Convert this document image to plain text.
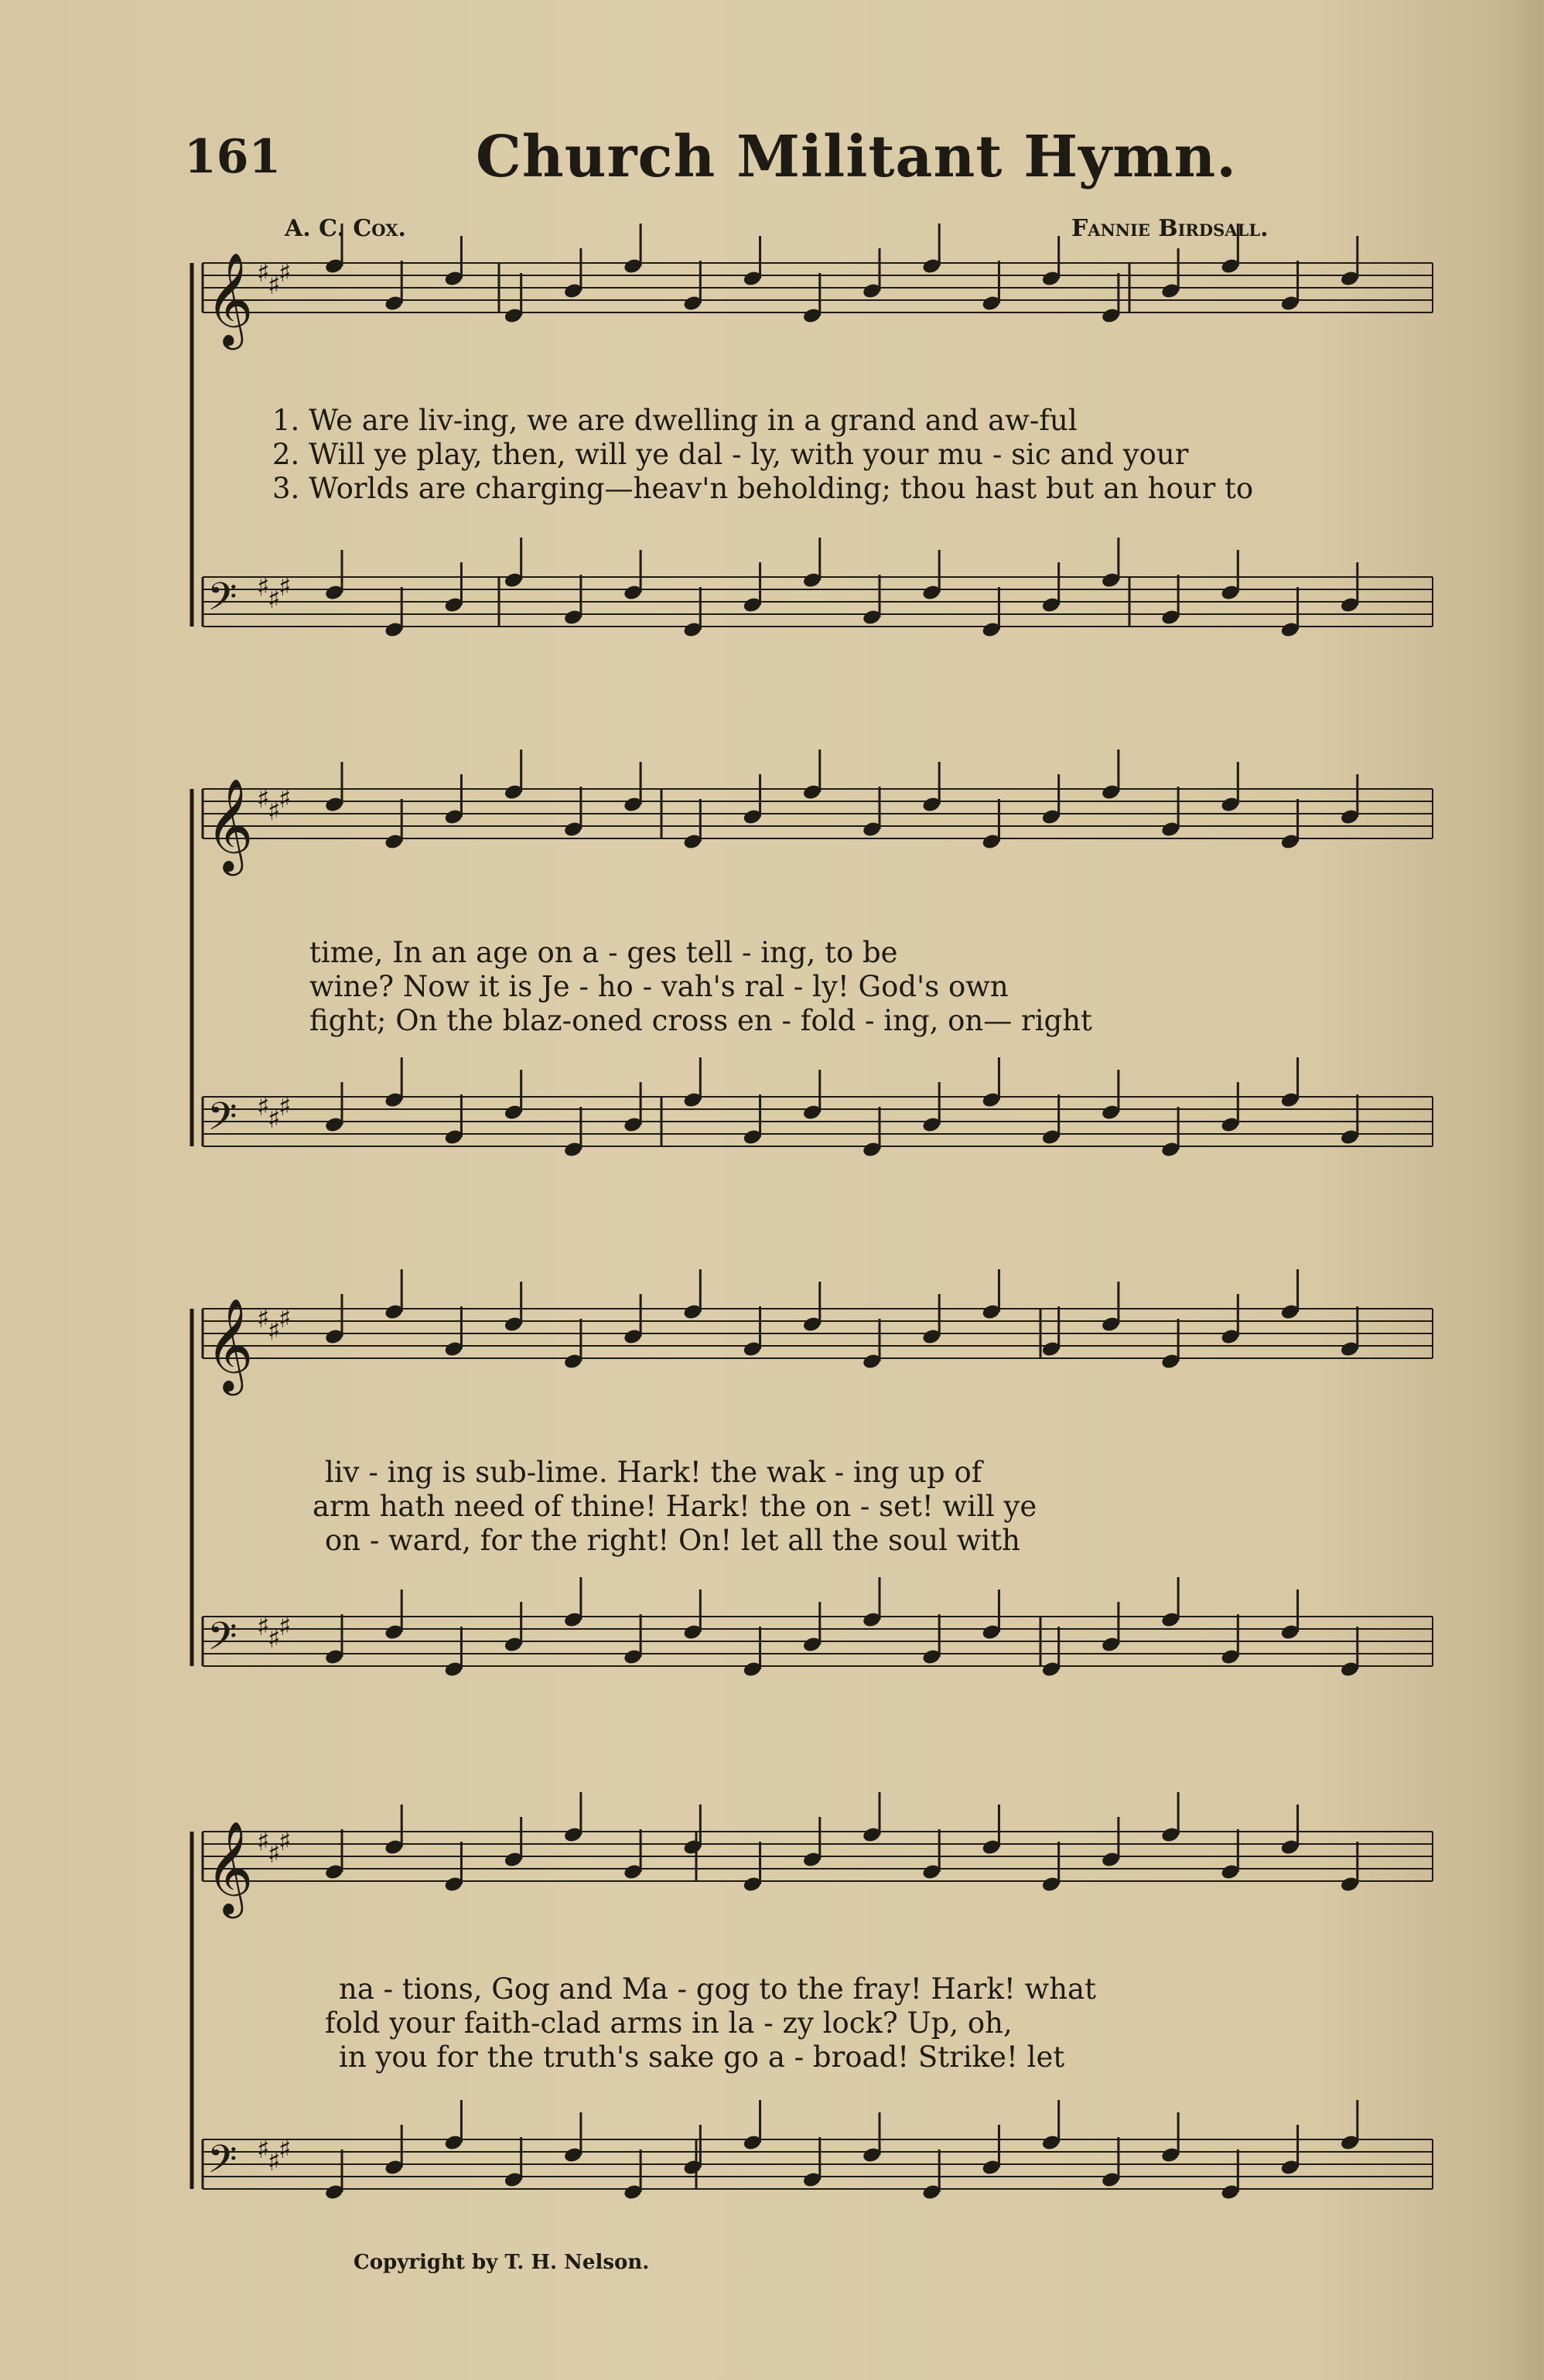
161	Church Militant Hymn.
A. C. Cox.	Fannie Birdsall.
𝄞 ♯
♯
♯
𝄢 ♯
♯
♯
𝄞 ♯
♯
♯
𝄢 ♯
♯
♯
𝄞 ♯
♯
♯
𝄢 ♯
♯
♯
𝄞 ♯
♯
♯
𝄢 ♯
♯
♯
1. We are liv-ing, we are dwelling in a grand and aw-ful
2. Will ye play, then, will ye dal - ly, with your mu - sic and your
3. Worlds are charging—heav'n beholding; thou hast but an hour to
time, In an age on a - ges tell - ing, to be
wine? Now it is Je - ho - vah's ral - ly! God's own
fight; On the blaz-oned cross en - fold - ing, on— right
liv - ing is sub-lime. Hark! the wak - ing up of
arm hath need of thine! Hark! the on - set! will ye
on - ward, for the right! On! let all the soul with
na - tions, Gog and Ma - gog to the fray! Hark! what
fold your faith-clad arms in la - zy lock? Up, oh,
in you for the truth's sake go a - broad! Strike! let
Copyright by T. H. Nelson.
